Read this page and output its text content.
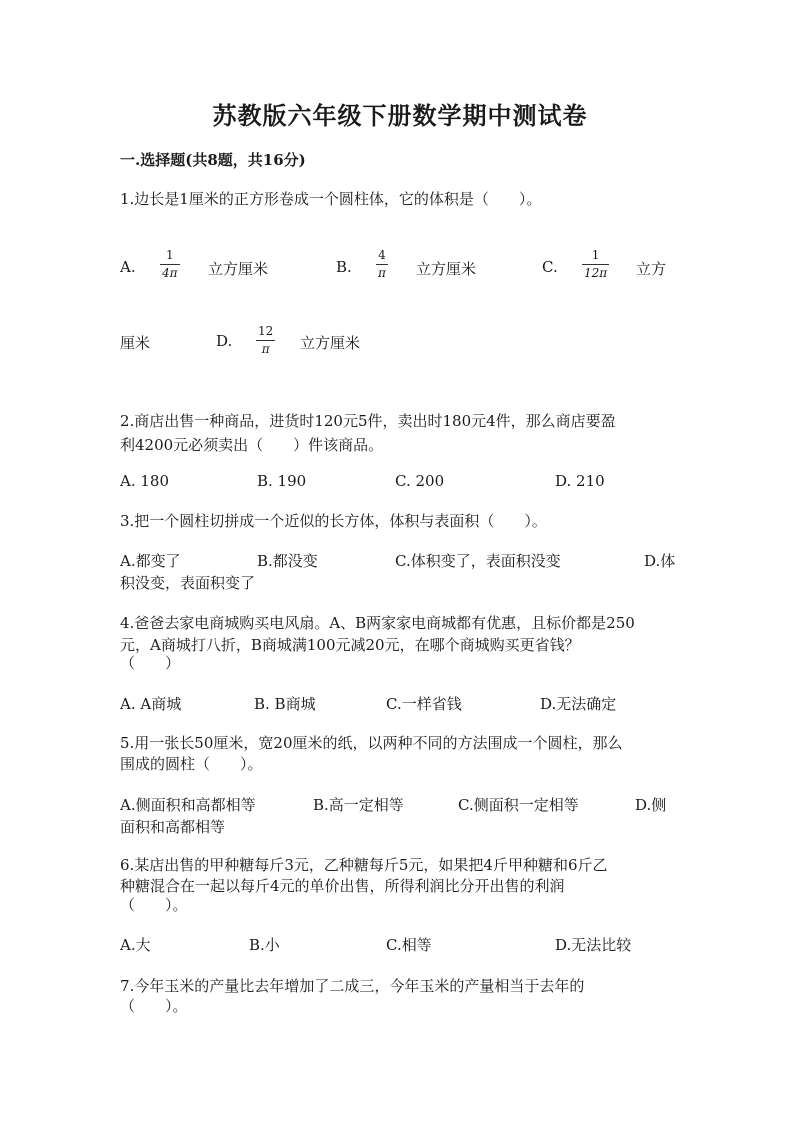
苏教版六年级下册数学期中测试卷
一.选择题(共8题，共16分)
1.边长是1厘米的正方形卷成一个圆柱体，它的体积是（　　）。
A.
1
4π 立方厘米	B.
4
π 立方厘米	C.
1
12π 立方
厘米	D.
12
π 立方厘米
2.商店出售一种商品，进货时120元5件，卖出时180元4件，那么商店要盈
利4200元必须卖出（　　）件该商品。
A. 180	B. 190	C. 200	D. 210
3.把一个圆柱切拼成一个近似的长方体，体积与表面积（　　）。
A.都变了	B.都没变	C.体积变了，表面积没变	D.体
积没变，表面积变了
4.爸爸去家电商城购买电风扇。A、B两家家电商城都有优惠，且标价都是250
元，A商城打八折，B商城满100元减20元，在哪个商城购买更省钱？
（　　）
A. A商城	B. B商城	C.一样省钱	D.无法确定
5.用一张长50厘米，宽20厘米的纸，以两种不同的方法围成一个圆柱，那么
围成的圆柱（　　）。
A.侧面积和高都相等	B.高一定相等	C.侧面积一定相等	D.侧
面积和高都相等
6.某店出售的甲种糖每斤3元，乙种糖每斤5元，如果把4斤甲种糖和6斤乙
种糖混合在一起以每斤4元的单价出售，所得利润比分开出售的利润
（　　）。
A.大	B.小	C.相等	D.无法比较
7.今年玉米的产量比去年增加了二成三，今年玉米的产量相当于去年的
（　　）。
